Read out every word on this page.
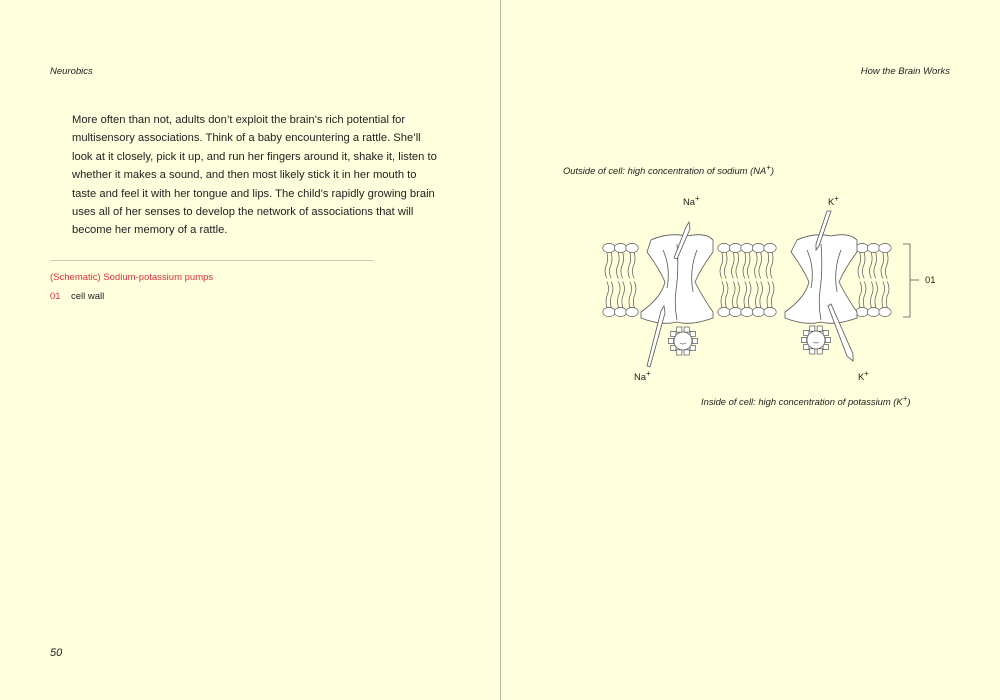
Neurobics

More often than not, adults don’t exploit the brain’s rich potential for multisensory associations. Think of a baby encountering a rattle. She’ll look at it closely, pick it up, and run her fingers around it, shake it, listen to whether it makes a sound, and then most likely stick it in her mouth to taste and feel it with her tongue and lips. The child’s rapidly growing brain uses all of her senses to develop the network of associations that will become her memory of a rattle.

(Schematic) Sodium-potassium pumps
01 cell wall
50
How the Brain Works
Outside of cell: high concentration of sodium (NA+)
Na+	K+
Na+	K+
01
Inside of cell: high concentration of potassium (K+)
